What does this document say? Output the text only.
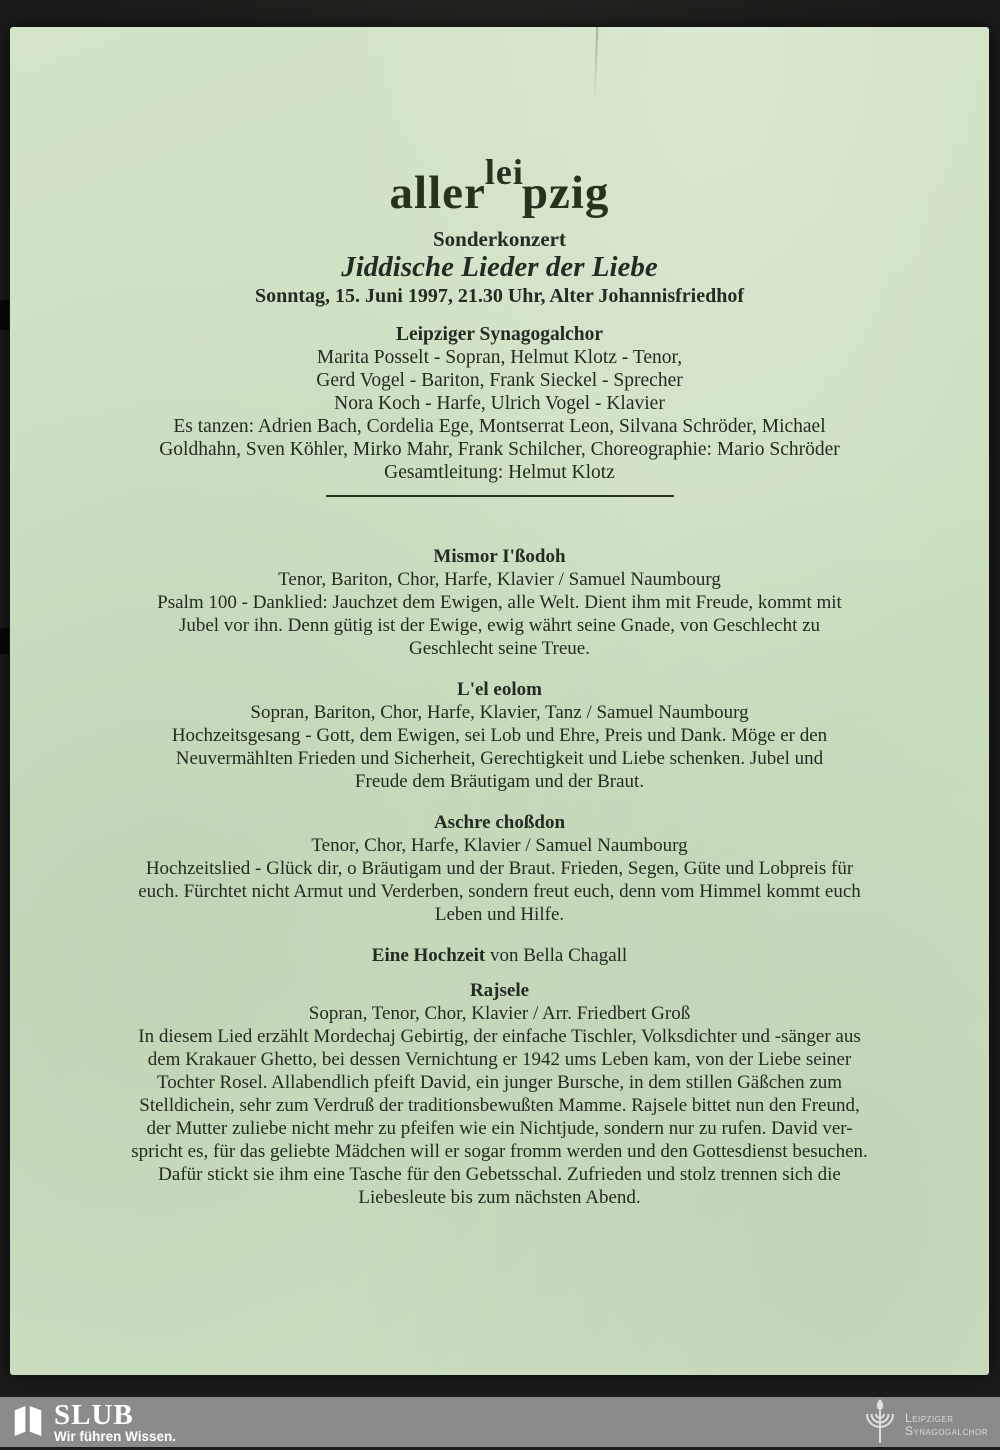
aller lei
pzig
Sonderkonzert
Jiddische Lieder der Liebe
Sonntag, 15. Juni 1997, 21.30 Uhr, Alter Johannisfriedhof
Leipziger Synagogalchor
Marita Posselt - Sopran, Helmut Klotz - Tenor,
Gerd Vogel - Bariton, Frank Sieckel - Sprecher
Nora Koch - Harfe, Ulrich Vogel - Klavier
Es tanzen: Adrien Bach, Cordelia Ege, Montserrat Leon, Silvana Schröder, Michael
Goldhahn, Sven Köhler, Mirko Mahr, Frank Schilcher, Choreographie: Mario Schröder
Gesamtleitung: Helmut Klotz
Mismor I'ßodoh
Tenor, Bariton, Chor, Harfe, Klavier / Samuel Naumbourg
Psalm 100 - Danklied: Jauchzet dem Ewigen, alle Welt. Dient ihm mit Freude, kommt mit
Jubel vor ihn. Denn gütig ist der Ewige, ewig währt seine Gnade, von Geschlecht zu
Geschlecht seine Treue.
L'el eolom
Sopran, Bariton, Chor, Harfe, Klavier, Tanz / Samuel Naumbourg
Hochzeitsgesang - Gott, dem Ewigen, sei Lob und Ehre, Preis und Dank. Möge er den
Neuvermählten Frieden und Sicherheit, Gerechtigkeit und Liebe schenken. Jubel und
Freude dem Bräutigam und der Braut.
Aschre choßdon
Tenor, Chor, Harfe, Klavier / Samuel Naumbourg
Hochzeitslied - Glück dir, o Bräutigam und der Braut. Frieden, Segen, Güte und Lobpreis für
euch. Fürchtet nicht Armut und Verderben, sondern freut euch, denn vom Himmel kommt euch
Leben und Hilfe.
Eine Hochzeit von Bella Chagall
Rajsele
Sopran, Tenor, Chor, Klavier / Arr. Friedbert Groß
In diesem Lied erzählt Mordechaj Gebirtig, der einfache Tischler, Volksdichter und -sänger aus
dem Krakauer Ghetto, bei dessen Vernichtung er 1942 ums Leben kam, von der Liebe seiner
Tochter Rosel. Allabendlich pfeift David, ein junger Bursche, in dem stillen Gäßchen zum
Stelldichein, sehr zum Verdruß der traditionsbewußten Mamme. Rajsele bittet nun den Freund,
der Mutter zuliebe nicht mehr zu pfeifen wie ein Nichtjude, sondern nur zu rufen. David ver-
spricht es, für das geliebte Mädchen will er sogar fromm werden und den Gottesdienst besuchen.
Dafür stickt sie ihm eine Tasche für den Gebetsschal. Zufrieden und stolz trennen sich die
Liebesleute bis zum nächsten Abend.
SLUB
Wir führen Wissen.
Leipziger
Synagogalchor
